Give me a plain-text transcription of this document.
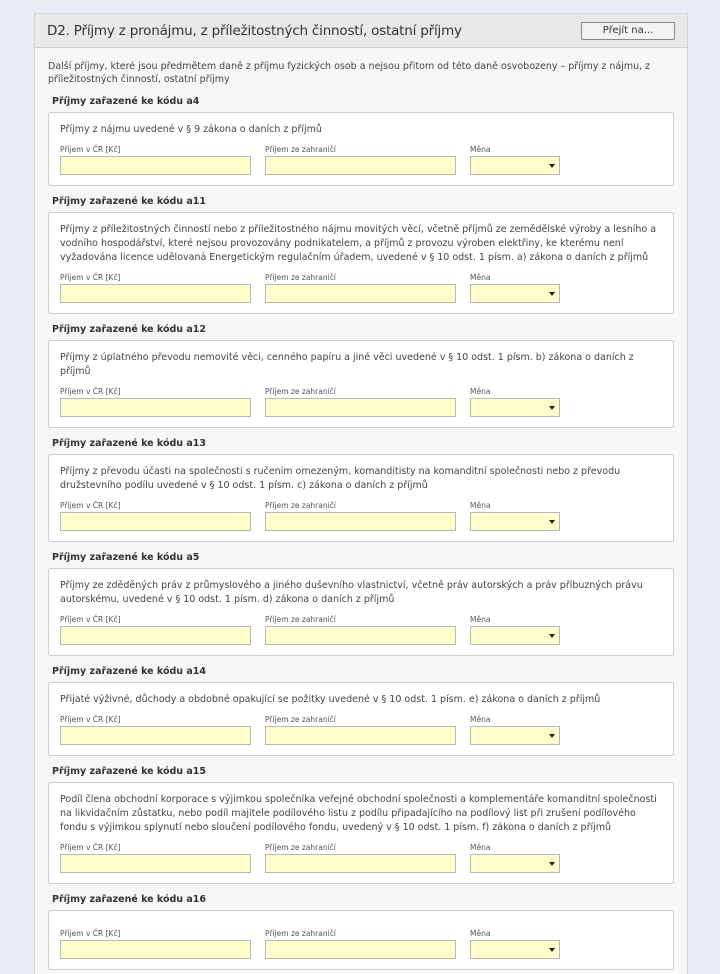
D2. Příjmy z pronájmu, z příležitostných činností, ostatní příjmy	Přejít na...
Další příjmy, které jsou předmětem daně z příjmu fyzických osob a nejsou přitom od této daně osvobozeny – příjmy z nájmu, z příležitostných činností, ostatní příjmy
Příjmy zařazené ke kódu a4
Příjmy z nájmu uvedené v § 9 zákona o daních z příjmů
Příjem v ČR [Kč]	Příjem ze zahraničí	Měna
Příjmy zařazené ke kódu a11
Příjmy z příležitostných činností nebo z příležitostného nájmu movitých věcí, včetně příjmů ze zemědělské výroby a lesního a vodního hospodářství, které nejsou provozovány podnikatelem, a příjmů z provozu výroben elektřiny, ke kterému není vyžadována licence udělovaná Energetickým regulačním úřadem, uvedené v § 10 odst. 1 písm. a) zákona o daních z příjmů
Příjem v ČR [Kč]	Příjem ze zahraničí	Měna
Příjmy zařazené ke kódu a12
Příjmy z úplatného převodu nemovité věci, cenného papíru a jiné věci uvedené v § 10 odst. 1 písm. b) zákona o daních z příjmů
Příjem v ČR [Kč]	Příjem ze zahraničí	Měna
Příjmy zařazené ke kódu a13
Příjmy z převodu účasti na společnosti s ručením omezeným, komanditisty na komanditní společnosti nebo z převodu družstevního podílu uvedené v § 10 odst. 1 písm. c) zákona o daních z příjmů
Příjem v ČR [Kč]	Příjem ze zahraničí	Měna
Příjmy zařazené ke kódu a5
Příjmy ze zděděných práv z průmyslového a jiného duševního vlastnictví, včetně práv autorských a práv příbuzných právu autorskému, uvedené v § 10 odst. 1 písm. d) zákona o daních z příjmů
Příjem v ČR [Kč]	Příjem ze zahraničí	Měna
Příjmy zařazené ke kódu a14
Přijaté výživné, důchody a obdobné opakující se požitky uvedené v § 10 odst. 1 písm. e) zákona o daních z příjmů
Příjem v ČR [Kč]	Příjem ze zahraničí	Měna
Příjmy zařazené ke kódu a15
Podíl člena obchodní korporace s výjimkou společníka veřejné obchodní společnosti a komplementáře komanditní společnosti na likvidačním zůstatku, nebo podíl majitele podílového listu z podílu připadajícího na podílový list při zrušení podílového fondu s výjimkou splynutí nebo sloučení podílového fondu, uvedený v § 10 odst. 1 písm. f) zákona o daních z příjmů
Příjem v ČR [Kč]	Příjem ze zahraničí	Měna
Příjmy zařazené ke kódu a16
Příjem v ČR [Kč]	Příjem ze zahraničí	Měna
